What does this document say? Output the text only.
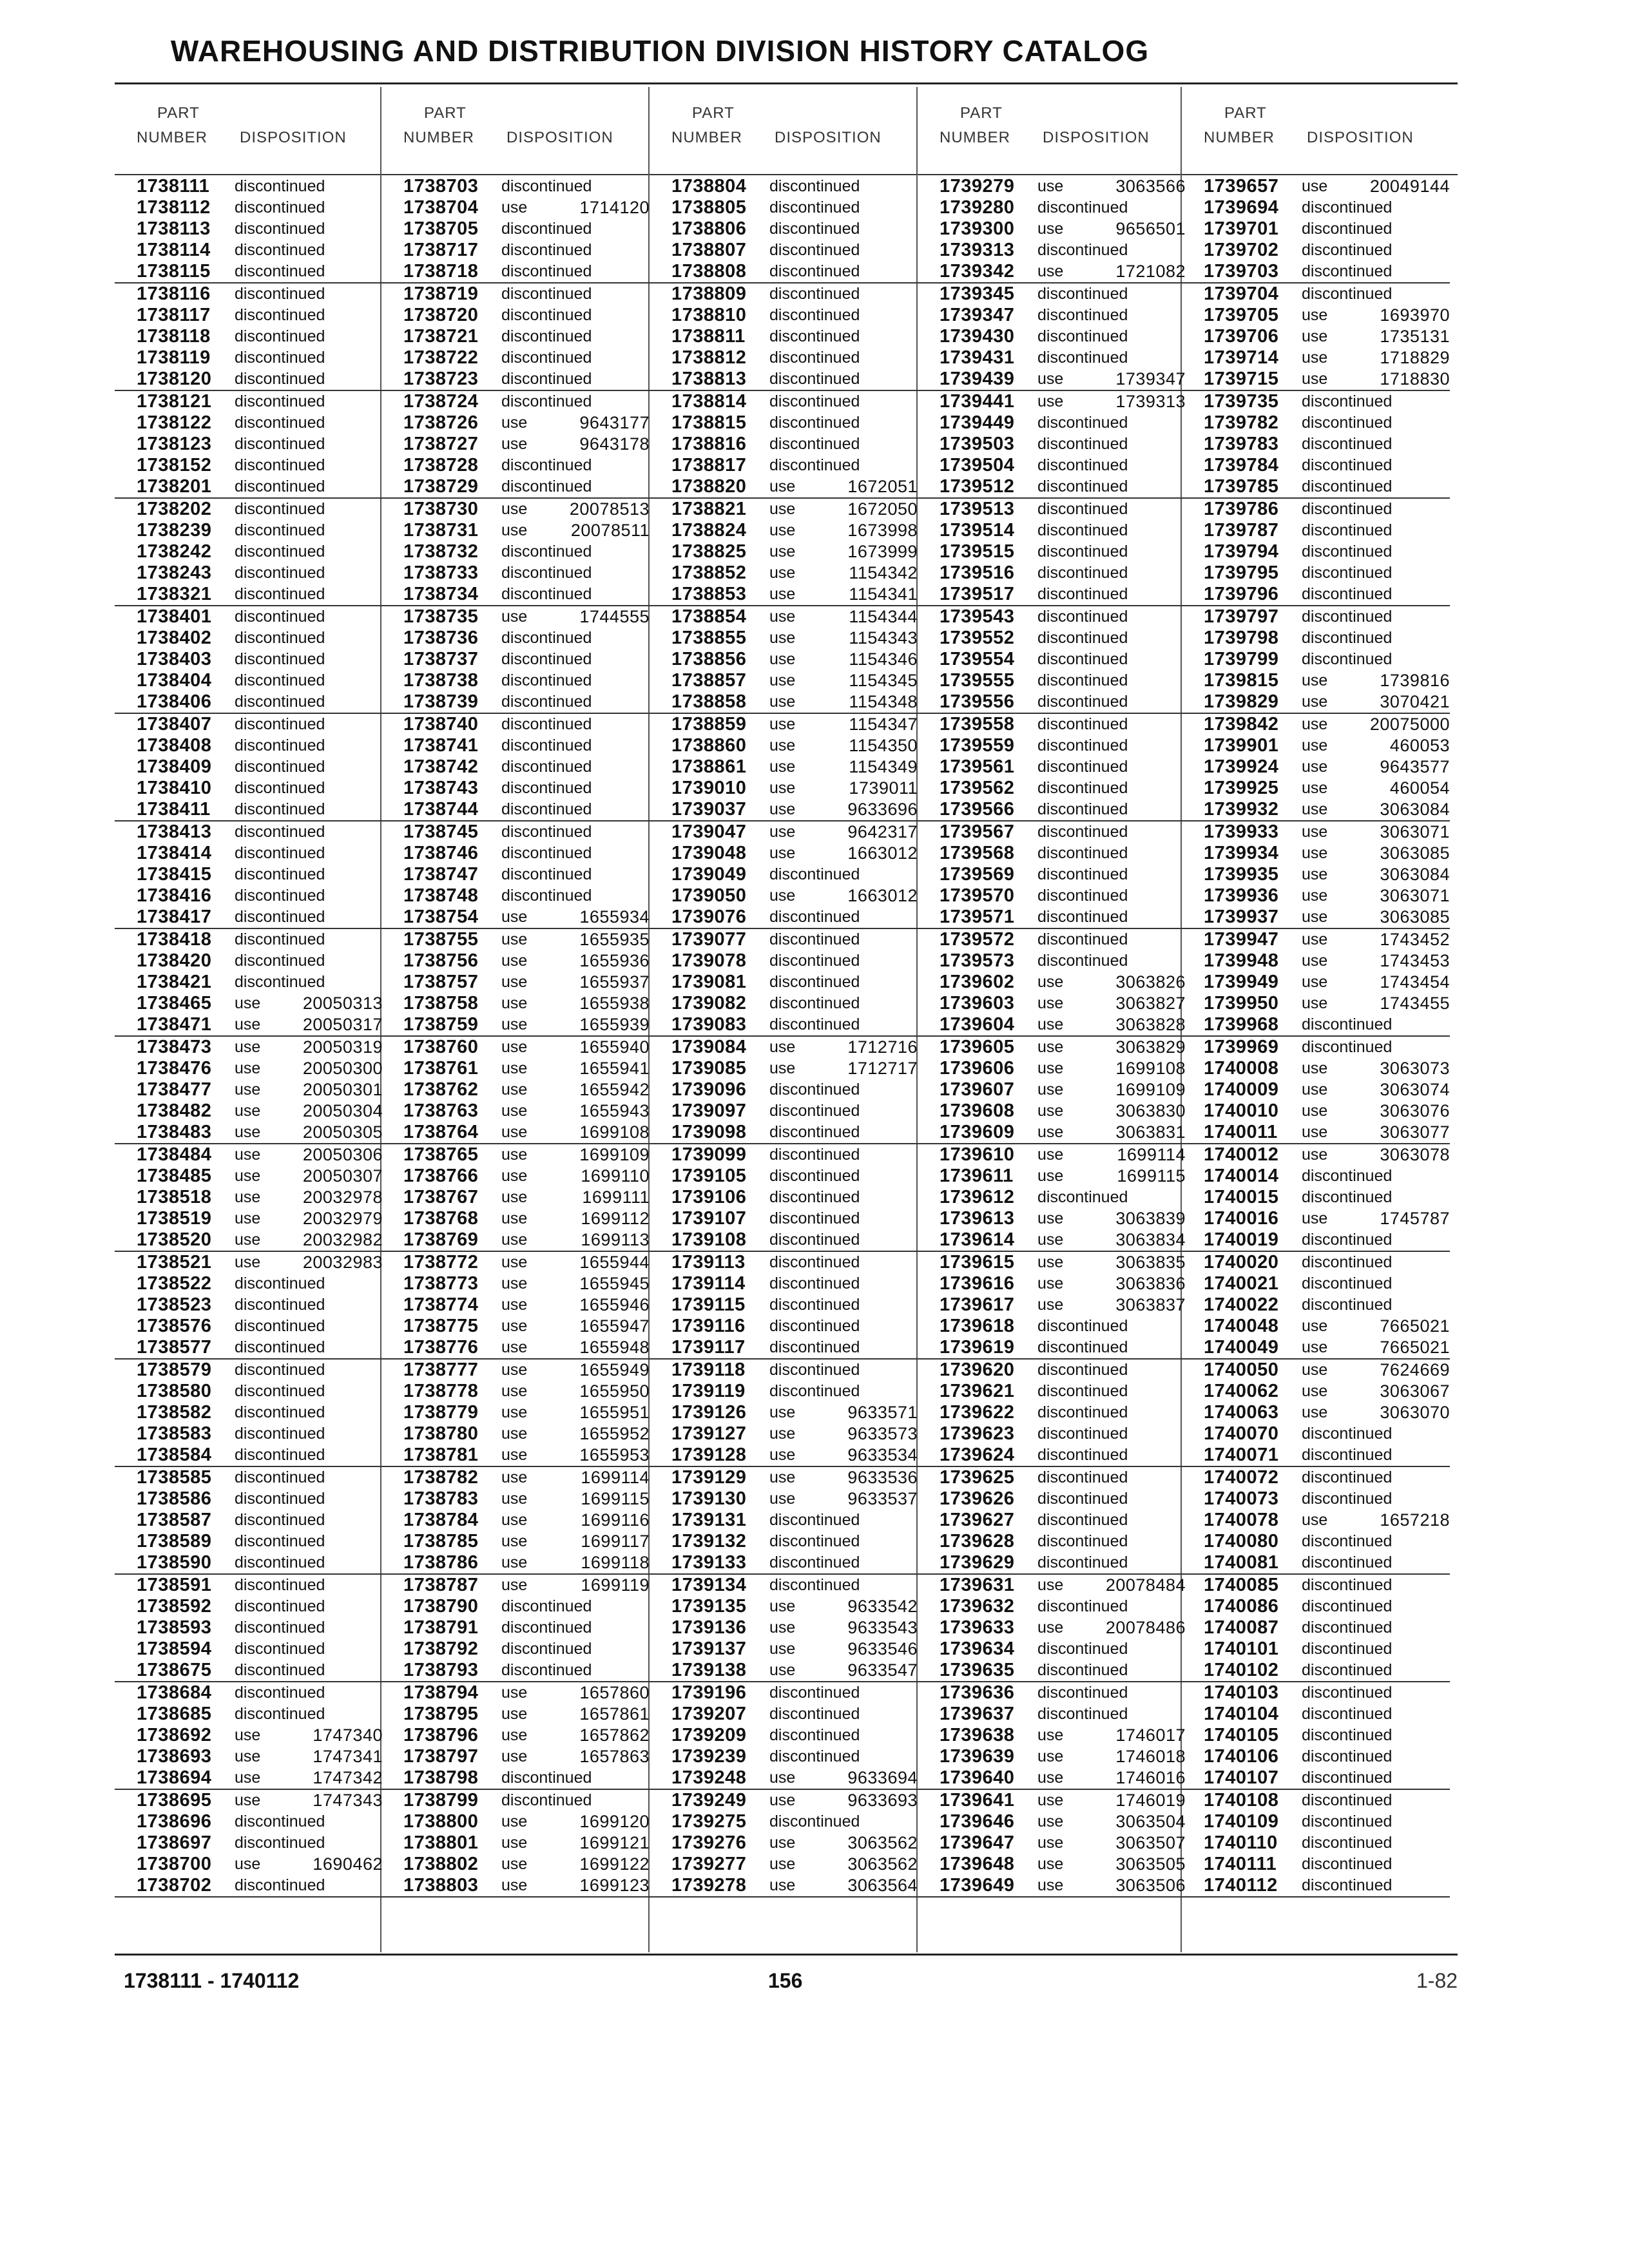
WAREHOUSING AND DISTRIBUTION DIVISION HISTORY CATALOG
PART
NUMBER DISPOSITION
1738111 discontinued
1738112 discontinued
1738113 discontinued
1738114 discontinued
1738115 discontinued
1738116 discontinued
1738117 discontinued
1738118 discontinued
1738119 discontinued
1738120 discontinued
1738121 discontinued
1738122 discontinued
1738123 discontinued
1738152 discontinued
1738201 discontinued
1738202 discontinued
1738239 discontinued
1738242 discontinued
1738243 discontinued
1738321 discontinued
1738401 discontinued
1738402 discontinued
1738403 discontinued
1738404 discontinued
1738406 discontinued
1738407 discontinued
1738408 discontinued
1738409 discontinued
1738410 discontinued
1738411 discontinued
1738413 discontinued
1738414 discontinued
1738415 discontinued
1738416 discontinued
1738417 discontinued
1738418 discontinued
1738420 discontinued
1738421 discontinued
1738465 use 20050313
1738471 use 20050317
1738473 use 20050319
1738476 use 20050300
1738477 use 20050301
1738482 use 20050304
1738483 use 20050305
1738484 use 20050306
1738485 use 20050307
1738518 use 20032978
1738519 use 20032979
1738520 use 20032982
1738521 use 20032983
1738522 discontinued
1738523 discontinued
1738576 discontinued
1738577 discontinued
1738579 discontinued
1738580 discontinued
1738582 discontinued
1738583 discontinued
1738584 discontinued
1738585 discontinued
1738586 discontinued
1738587 discontinued
1738589 discontinued
1738590 discontinued
1738591 discontinued
1738592 discontinued
1738593 discontinued
1738594 discontinued
1738675 discontinued
1738684 discontinued
1738685 discontinued
1738692 use	1747340
1738693 use	1747341
1738694 use	1747342
1738695 use	1747343
1738696 discontinued
1738697 discontinued
1738700 use	1690462
1738702 discontinued
PART
NUMBER DISPOSITION
1738703 discontinued
1738704 use	1714120
1738705 discontinued
1738717 discontinued
1738718 discontinued
1738719 discontinued
1738720 discontinued
1738721 discontinued
1738722 discontinued
1738723 discontinued
1738724 discontinued
1738726 use	9643177
1738727 use	9643178
1738728 discontinued
1738729 discontinued
1738730 use 20078513
1738731 use	20078511
1738732 discontinued
1738733 discontinued
1738734 discontinued
1738735 use	1744555
1738736 discontinued
1738737 discontinued
1738738 discontinued
1738739 discontinued
1738740 discontinued
1738741 discontinued
1738742 discontinued
1738743 discontinued
1738744 discontinued
1738745 discontinued
1738746 discontinued
1738747 discontinued
1738748 discontinued
1738754 use	1655934
1738755 use	1655935
1738756 use	1655936
1738757 use	1655937
1738758 use	1655938
1738759 use	1655939
1738760 use	1655940
1738761 use	1655941
1738762 use	1655942
1738763 use	1655943
1738764 use	1699108
1738765 use	1699109
1738766 use	1699110
1738767 use	1699111
1738768 use	1699112
1738769 use	1699113
1738772 use	1655944
1738773 use	1655945
1738774 use	1655946
1738775 use	1655947
1738776 use	1655948
1738777 use	1655949
1738778 use	1655950
1738779 use	1655951
1738780 use	1655952
1738781 use	1655953
1738782 use	1699114
1738783 use	1699115
1738784 use	1699116
1738785 use	1699117
1738786 use	1699118
1738787 use	1699119
1738790 discontinued
1738791 discontinued
1738792 discontinued
1738793 discontinued
1738794 use	1657860
1738795 use	1657861
1738796 use	1657862
1738797 use	1657863
1738798 discontinued
1738799 discontinued
1738800 use	1699120
1738801 use	1699121
1738802 use	1699122
1738803 use	1699123
PART
NUMBER DISPOSITION
1738804 discontinued
1738805 discontinued
1738806 discontinued
1738807 discontinued
1738808 discontinued
1738809 discontinued
1738810 discontinued
1738811 discontinued
1738812 discontinued
1738813 discontinued
1738814 discontinued
1738815 discontinued
1738816 discontinued
1738817 discontinued
1738820 use	1672051
1738821 use	1672050
1738824 use	1673998
1738825 use	1673999
1738852 use	1154342
1738853 use	1154341
1738854 use	1154344
1738855 use	1154343
1738856 use	1154346
1738857 use	1154345
1738858 use	1154348
1738859 use	1154347
1738860 use	1154350
1738861 use	1154349
1739010 use	1739011
1739037 use	9633696
1739047 use	9642317
1739048 use	1663012
1739049 discontinued
1739050 use	1663012
1739076 discontinued
1739077 discontinued
1739078 discontinued
1739081 discontinued
1739082 discontinued
1739083 discontinued
1739084 use	1712716
1739085 use	1712717
1739096 discontinued
1739097 discontinued
1739098 discontinued
1739099 discontinued
1739105 discontinued
1739106 discontinued
1739107 discontinued
1739108 discontinued
1739113 discontinued
1739114 discontinued
1739115 discontinued
1739116 discontinued
1739117 discontinued
1739118 discontinued
1739119 discontinued
1739126 use	9633571
1739127 use	9633573
1739128 use	9633534
1739129 use	9633536
1739130 use	9633537
1739131 discontinued
1739132 discontinued
1739133 discontinued
1739134 discontinued
1739135 use	9633542
1739136 use	9633543
1739137 use	9633546
1739138 use	9633547
1739196 discontinued
1739207 discontinued
1739209 discontinued
1739239 discontinued
1739248 use	9633694
1739249 use	9633693
1739275 discontinued
1739276 use	3063562
1739277 use	3063562
1739278 use	3063564
PART
NUMBER DISPOSITION
1739279 use	3063566
1739280 discontinued
1739300 use	9656501
1739313 discontinued
1739342 use	1721082
1739345 discontinued
1739347 discontinued
1739430 discontinued
1739431 discontinued
1739439 use	1739347
1739441 use	1739313
1739449 discontinued
1739503 discontinued
1739504 discontinued
1739512 discontinued
1739513 discontinued
1739514 discontinued
1739515 discontinued
1739516 discontinued
1739517 discontinued
1739543 discontinued
1739552 discontinued
1739554 discontinued
1739555 discontinued
1739556 discontinued
1739558 discontinued
1739559 discontinued
1739561 discontinued
1739562 discontinued
1739566 discontinued
1739567 discontinued
1739568 discontinued
1739569 discontinued
1739570 discontinued
1739571 discontinued
1739572 discontinued
1739573 discontinued
1739602 use	3063826
1739603 use	3063827
1739604 use	3063828
1739605 use	3063829
1739606 use	1699108
1739607 use	1699109
1739608 use	3063830
1739609 use	3063831
1739610 use	1699114
1739611 use	1699115
1739612 discontinued
1739613 use	3063839
1739614 use	3063834
1739615 use	3063835
1739616 use	3063836
1739617 use	3063837
1739618 discontinued
1739619 discontinued
1739620 discontinued
1739621 discontinued
1739622 discontinued
1739623 discontinued
1739624 discontinued
1739625 discontinued
1739626 discontinued
1739627 discontinued
1739628 discontinued
1739629 discontinued
1739631 use 20078484
1739632 discontinued
1739633 use 20078486
1739634 discontinued
1739635 discontinued
1739636 discontinued
1739637 discontinued
1739638 use	1746017
1739639 use	1746018
1739640 use	1746016
1739641 use	1746019
1739646 use	3063504
1739647 use	3063507
1739648 use	3063505
1739649 use	3063506
PART
NUMBER DISPOSITION
1739657 use 20049144
1739694 discontinued
1739701 discontinued
1739702 discontinued
1739703 discontinued
1739704 discontinued
1739705 use	1693970
1739706 use	1735131
1739714 use	1718829
1739715 use	1718830
1739735 discontinued
1739782 discontinued
1739783 discontinued
1739784 discontinued
1739785 discontinued
1739786 discontinued
1739787 discontinued
1739794 discontinued
1739795 discontinued
1739796 discontinued
1739797 discontinued
1739798 discontinued
1739799 discontinued
1739815 use	1739816
1739829 use	3070421
1739842 use 20075000
1739901 use	460053
1739924 use	9643577
1739925 use	460054
1739932 use	3063084
1739933 use	3063071
1739934 use	3063085
1739935 use	3063084
1739936 use	3063071
1739937 use	3063085
1739947 use	1743452
1739948 use	1743453
1739949 use	1743454
1739950 use	1743455
1739968 discontinued
1739969 discontinued
1740008 use	3063073
1740009 use	3063074
1740010 use	3063076
1740011 use	3063077
1740012 use	3063078
1740014 discontinued
1740015 discontinued
1740016 use	1745787
1740019 discontinued
1740020 discontinued
1740021 discontinued
1740022 discontinued
1740048 use	7665021
1740049 use	7665021
1740050 use	7624669
1740062 use	3063067
1740063 use	3063070
1740070 discontinued
1740071 discontinued
1740072 discontinued
1740073 discontinued
1740078 use	1657218
1740080 discontinued
1740081 discontinued
1740085 discontinued
1740086 discontinued
1740087 discontinued
1740101 discontinued
1740102 discontinued
1740103 discontinued
1740104 discontinued
1740105 discontinued
1740106 discontinued
1740107 discontinued
1740108 discontinued
1740109 discontinued
1740110 discontinued
1740111 discontinued
1740112 discontinued
1738111 - 1740112	156	1-82
